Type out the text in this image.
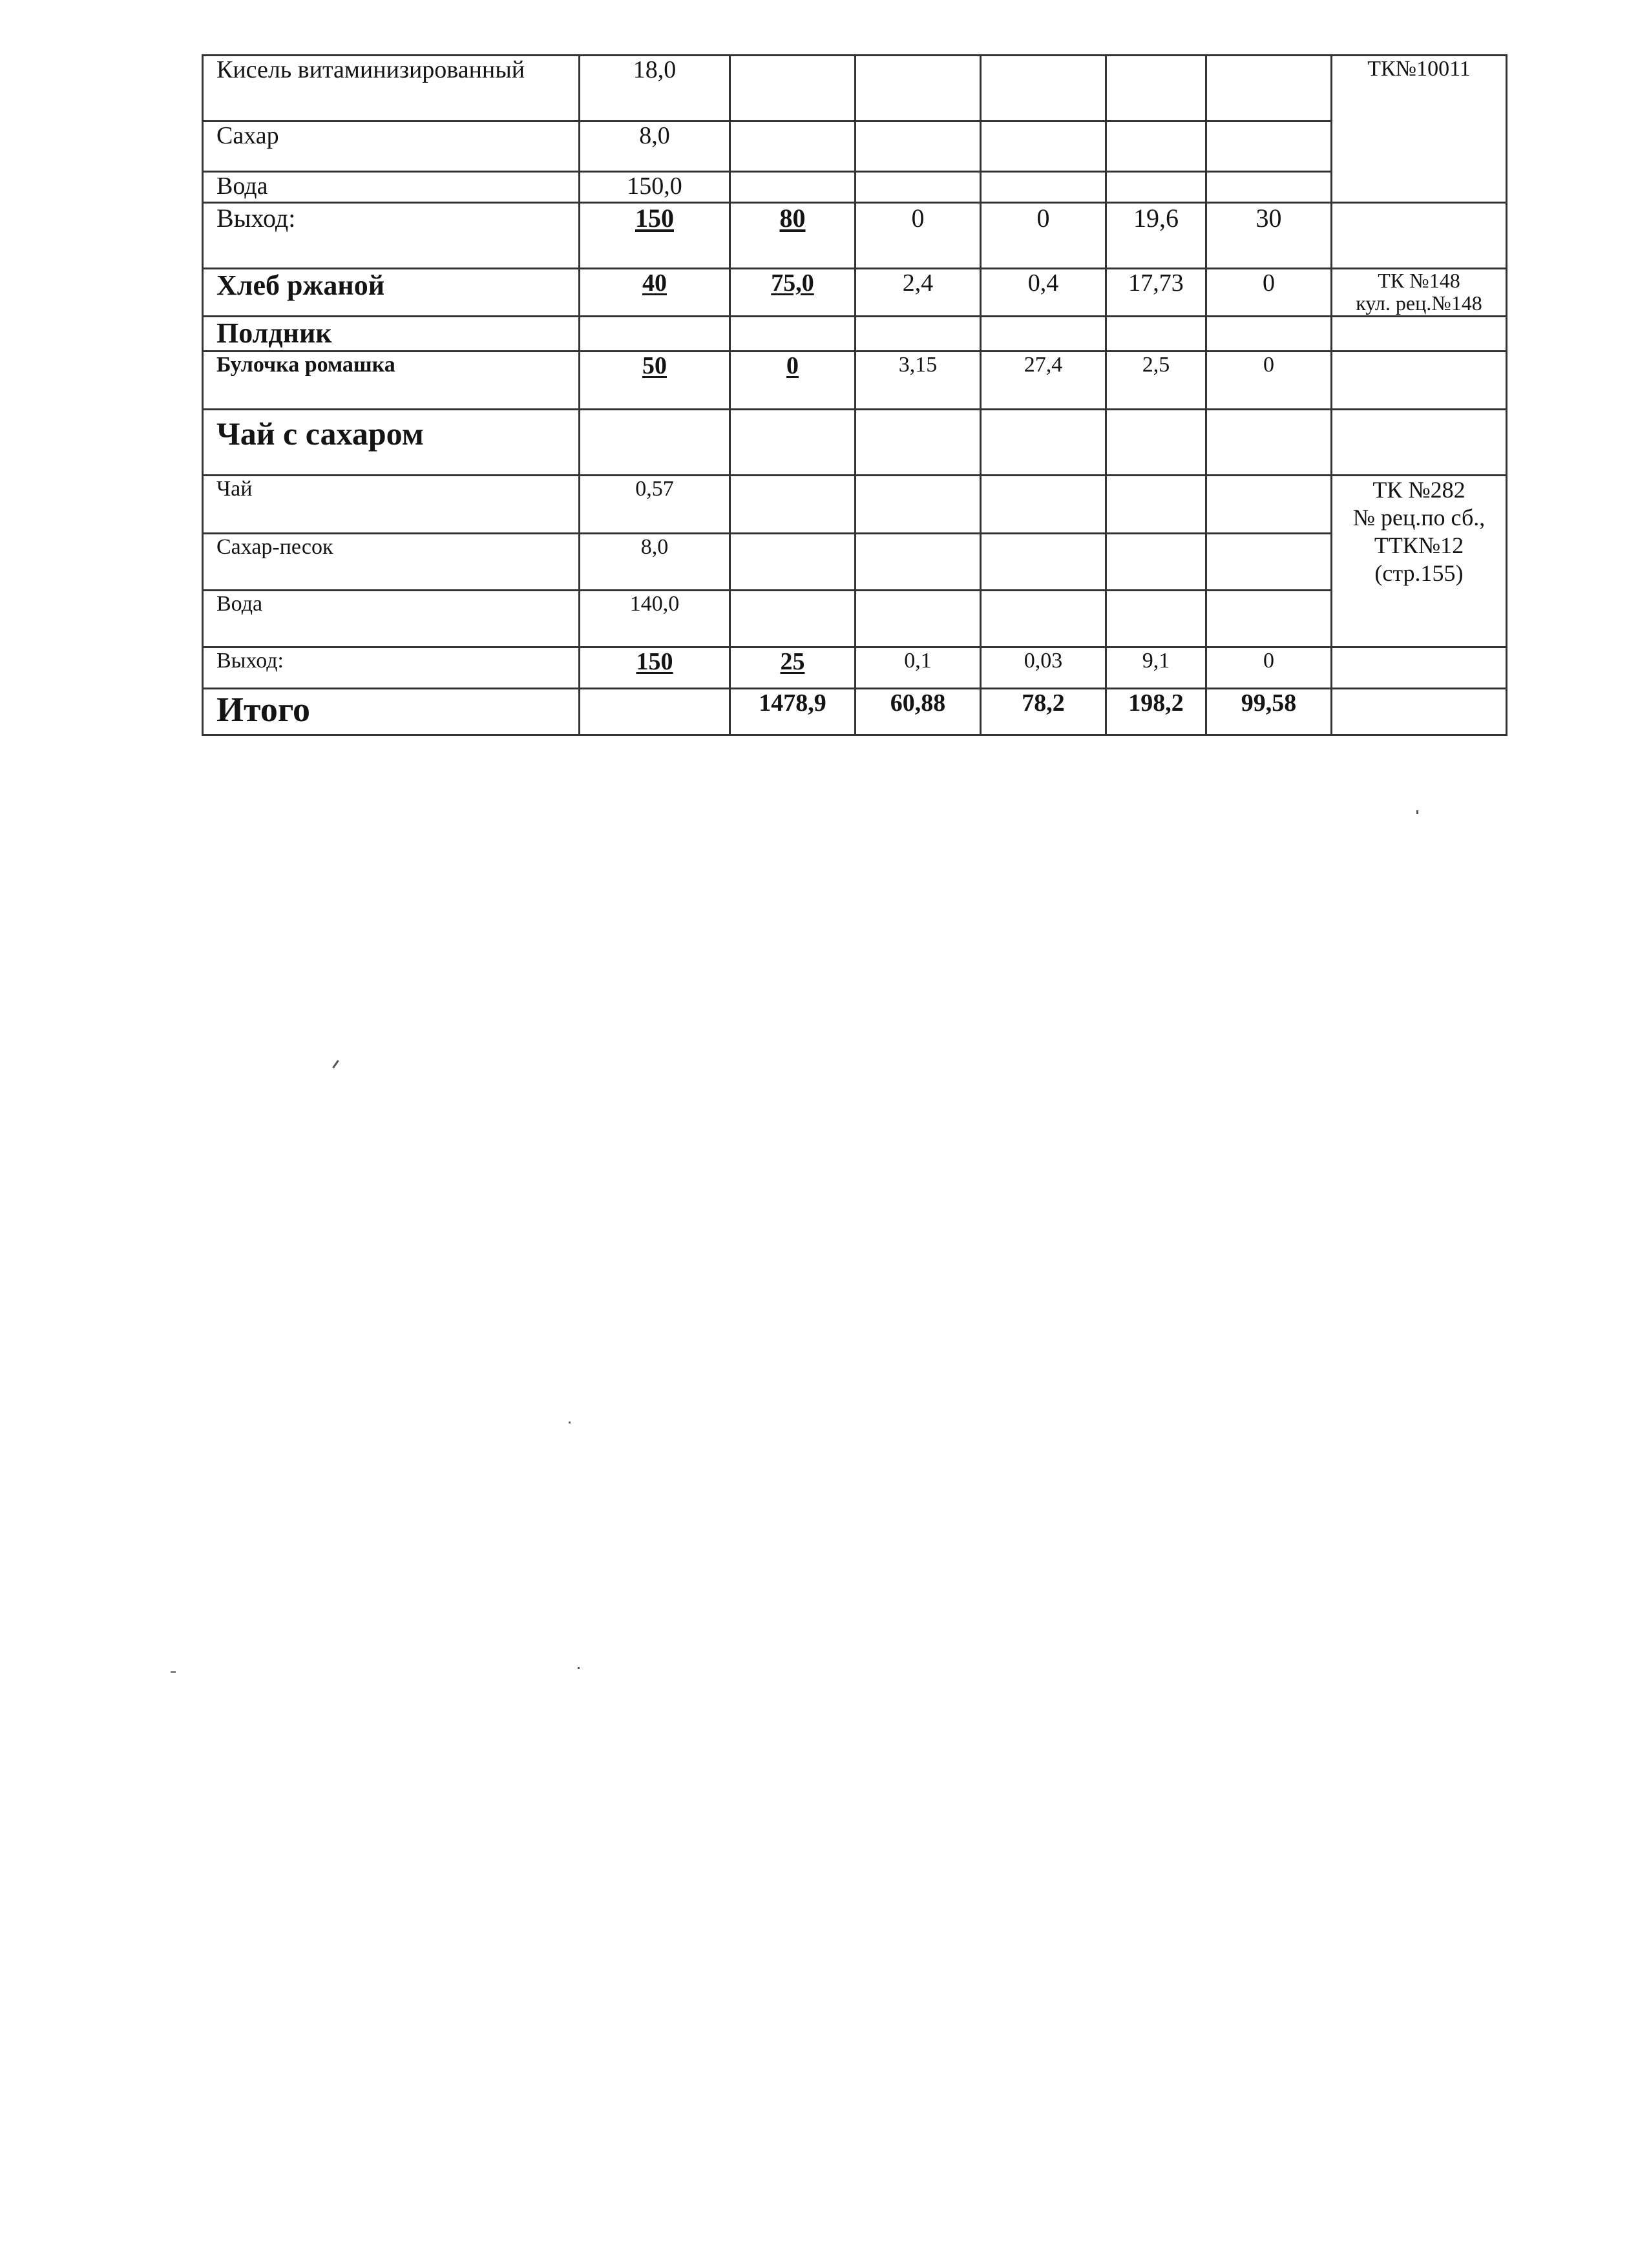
Кисель витаминизированный	18,0						ТК№10011
Сахар	8,0						
Вода	150,0						
Выход:	150	80	0	0	19,6	30	
Хлеб ржаной	40	75,0	2,4	0,4	17,73	0	ТК №148
кул. рец.№148

Полдник							
Булочка ромашка	50	0	3,15	27,4	2,5	0	
Чай с сахаром							
Чай	0,57						ТК №282
№ рец.по сб.,
ТТК№12
(стр.155)

Сахар-песок	8,0						
Вода	140,0						
Выход:	150	25	0,1	0,03	9,1	0	
Итого		1478,9	60,88	78,2	198,2	99,58	
